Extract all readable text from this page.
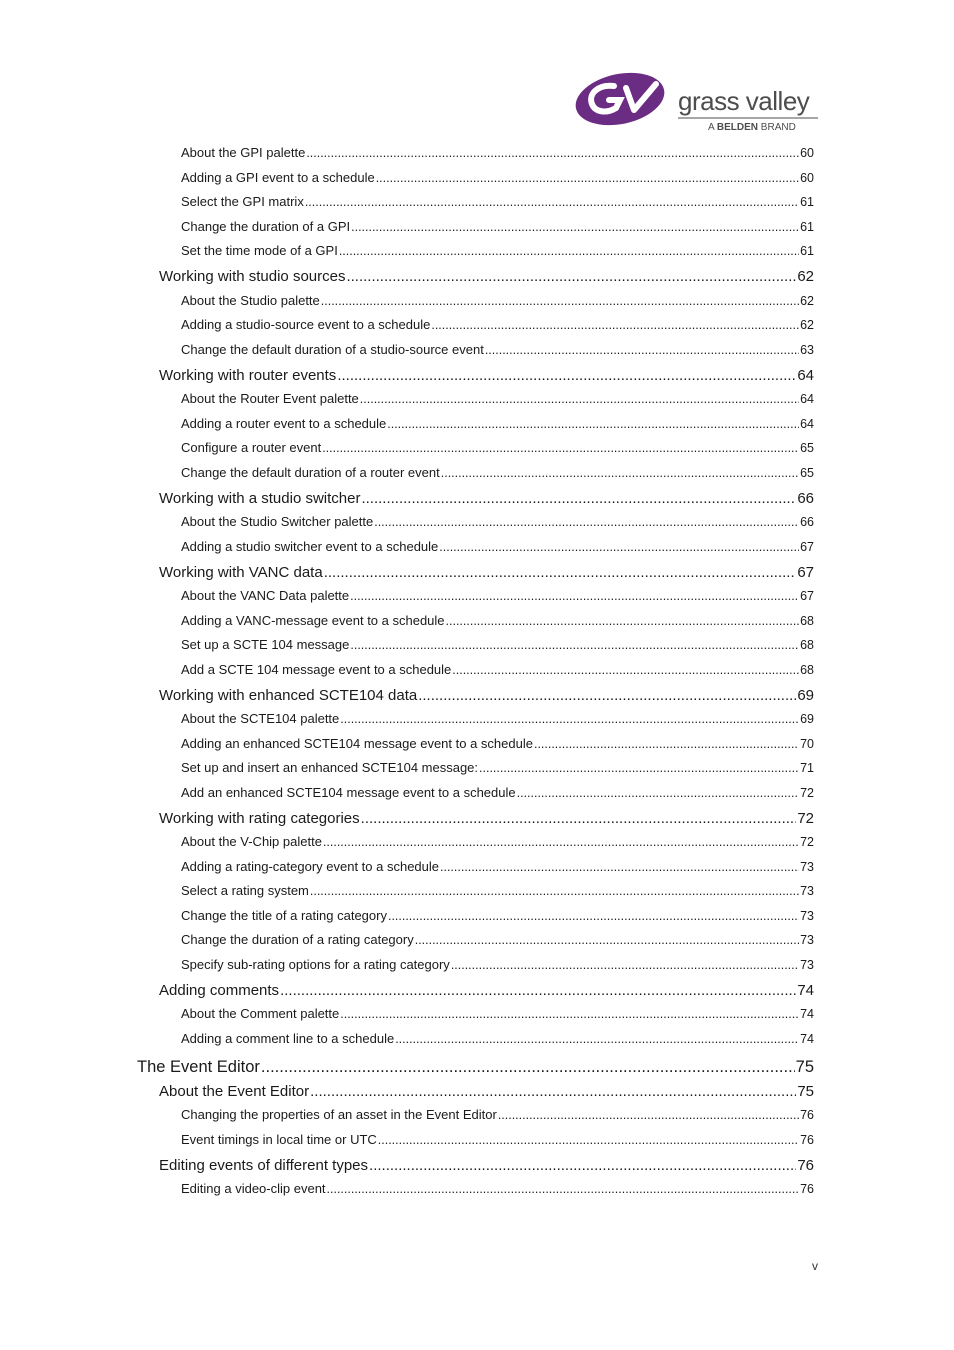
grass valley
A BELDEN BRAND
About the GPI palette .....	60
Adding a GPI event to a schedule .....	60
Select the GPI matrix .....	61
Change the duration of a GPI .....	61
Set the time mode of a GPI .....	61
Working with studio sources .....	62
About the Studio palette .....	62
Adding a studio-source event to a schedule .....	62
Change the default duration of a studio-source event .....	63
Working with router events .....	64
About the Router Event palette .....	64
Adding a router event to a schedule .....	64
Configure a router event .....	65
Change the default duration of a router event .....	65
Working with a studio switcher .....	66
About the Studio Switcher palette .....	66
Adding a studio switcher event to a schedule .....	67
Working with VANC data .....	67
About the VANC Data palette .....	67
Adding a VANC-message event to a schedule .....	68
Set up a SCTE 104 message .....	68
Add a SCTE 104 message event to a schedule .....	68
Working with enhanced SCTE104 data .....	69
About the SCTE104 palette .....	69
Adding an enhanced SCTE104 message event to a schedule .....	70
Set up and insert an enhanced SCTE104 message: .....	71
Add an enhanced SCTE104 message event to a schedule .....	72
Working with rating categories .....	72
About the V-Chip palette .....	72
Adding a rating-category event to a schedule .....	73
Select a rating system .....	73
Change the title of a rating category .....	73
Change the duration of a rating category .....	73
Specify sub-rating options for a rating category .....	73
Adding comments .....	74
About the Comment palette .....	74
Adding a comment line to a schedule .....	74
The Event Editor .....	75
About the Event Editor .....	75
Changing the properties of an asset in the Event Editor .....	76
Event timings in local time or UTC .....	76
Editing events of different types .....	76
Editing a video-clip event .....	76
v
